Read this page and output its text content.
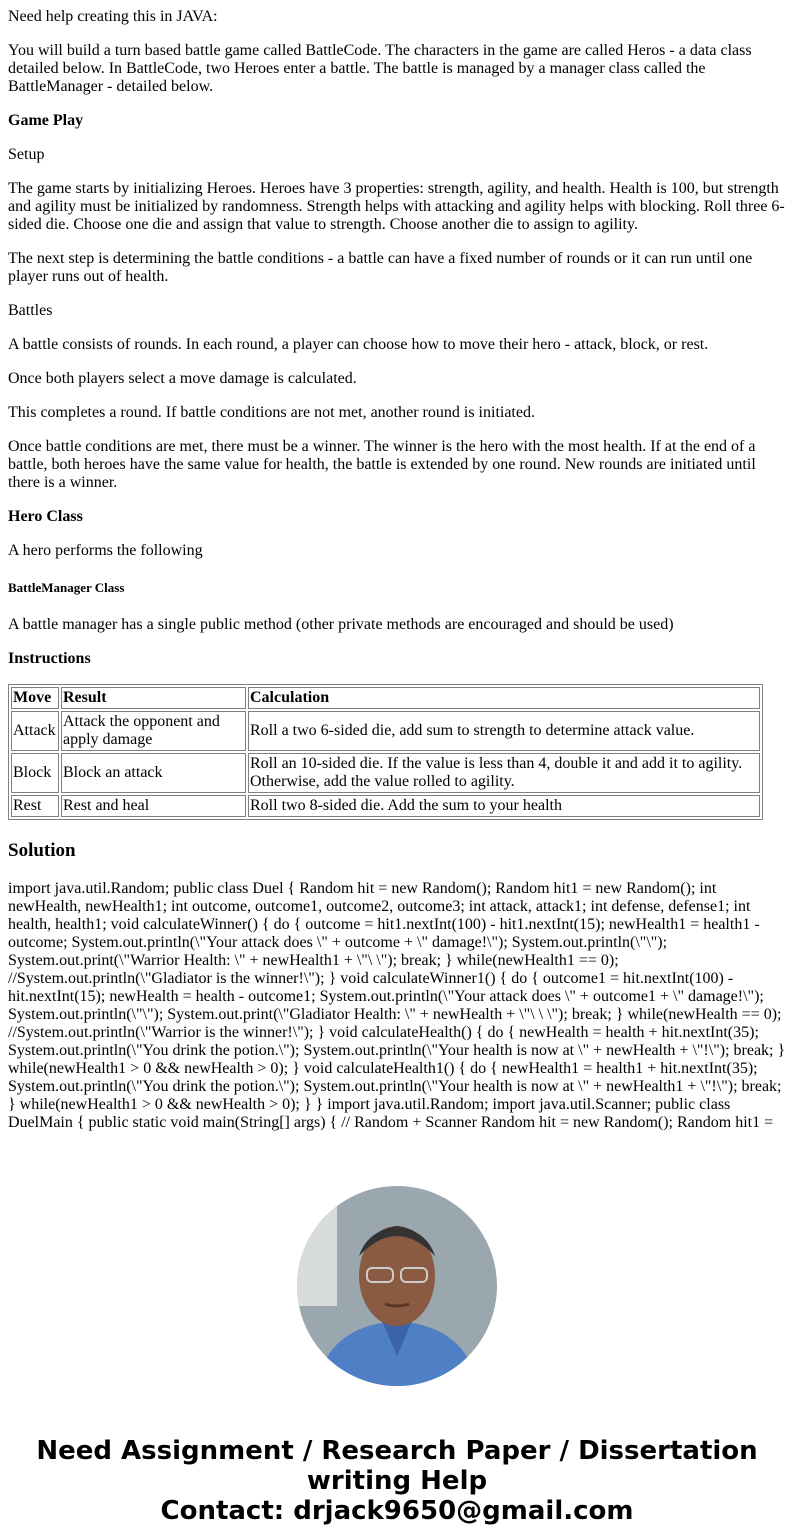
Need help creating this in JAVA:

You will build a turn based battle game called BattleCode. The characters in the game are called Heros - a data class detailed below. In BattleCode, two Heroes enter a battle. The battle is managed by a manager class called the BattleManager - detailed below.

Game Play

Setup

The game starts by initializing Heroes. Heroes have 3 properties: strength, agility, and health. Health is 100, but strength and agility must be initialized by randomness. Strength helps with attacking and agility helps with blocking. Roll three 6-sided die. Choose one die and assign that value to strength. Choose another die to assign to agility.

The next step is determining the battle conditions - a battle can have a fixed number of rounds or it can run until one player runs out of health.

Battles

A battle consists of rounds. In each round, a player can choose how to move their hero - attack, block, or rest.

Once both players select a move damage is calculated.

This completes a round. If battle conditions are not met, another round is initiated.

Once battle conditions are met, there must be a winner. The winner is the hero with the most health. If at the end of a battle, both heroes have the same value for health, the battle is extended by one round. New rounds are initiated until there is a winner.

Hero Class

A hero performs the following

BattleManager Class

A battle manager has a single public method (other private methods are encouraged and should be used)

Instructions

Move	Result	Calculation
Attack	Attack the opponent and apply damage	Roll a two 6-sided die, add sum to strength to determine attack value.
Block	Block an attack	Roll an 10-sided die. If the value is less than 4, double it and add it to agility. Otherwise, add the value rolled to agility.
Rest	Rest and heal	Roll two 8-sided die. Add the sum to your health
Solution

import java.util.Random; public class Duel { Random hit = new Random(); Random hit1 = new Random(); int newHealth, newHealth1; int outcome, outcome1, outcome2, outcome3; int attack, attack1; int defense, defense1; int health, health1; void calculateWinner() { do { outcome = hit1.nextInt(100) - hit1.nextInt(15); newHealth1 = health1 - outcome; System.out.println(\"Your attack does \" + outcome + \" damage!\"); System.out.println(\"\"); System.out.print(\"Warrior Health: \" + newHealth1 + \"\ \"); break; } while(newHealth1 == 0); //System.out.println(\"Gladiator is the winner!\"); } void calculateWinner1() { do { outcome1 = hit.nextInt(100) - hit.nextInt(15); newHealth = health - outcome1; System.out.println(\"Your attack does \" + outcome1 + \" damage!\"); System.out.println(\"\"); System.out.print(\"Gladiator Health: \" + newHealth + \"\ \ \"); break; } while(newHealth == 0); //System.out.println(\"Warrior is the winner!\"); } void calculateHealth() { do { newHealth = health + hit.nextInt(35); System.out.println(\"You drink the potion.\"); System.out.println(\"Your health is now at \" + newHealth + \"!\"); break; } while(newHealth1 > 0 && newHealth > 0); } void calculateHealth1() { do { newHealth1 = health1 + hit.nextInt(35); System.out.println(\"You drink the potion.\"); System.out.println(\"Your health is now at \" + newHealth1 + \"!\"); break; } while(newHealth1 > 0 && newHealth > 0); } } import java.util.Random; import java.util.Scanner; public class DuelMain { public static void main(String[] args) { // Random + Scanner Random hit = new Random(); Random hit1 =

Need Assignment / Research Paper / Dissertation writing Help
Contact: drjack9650@gmail.com
